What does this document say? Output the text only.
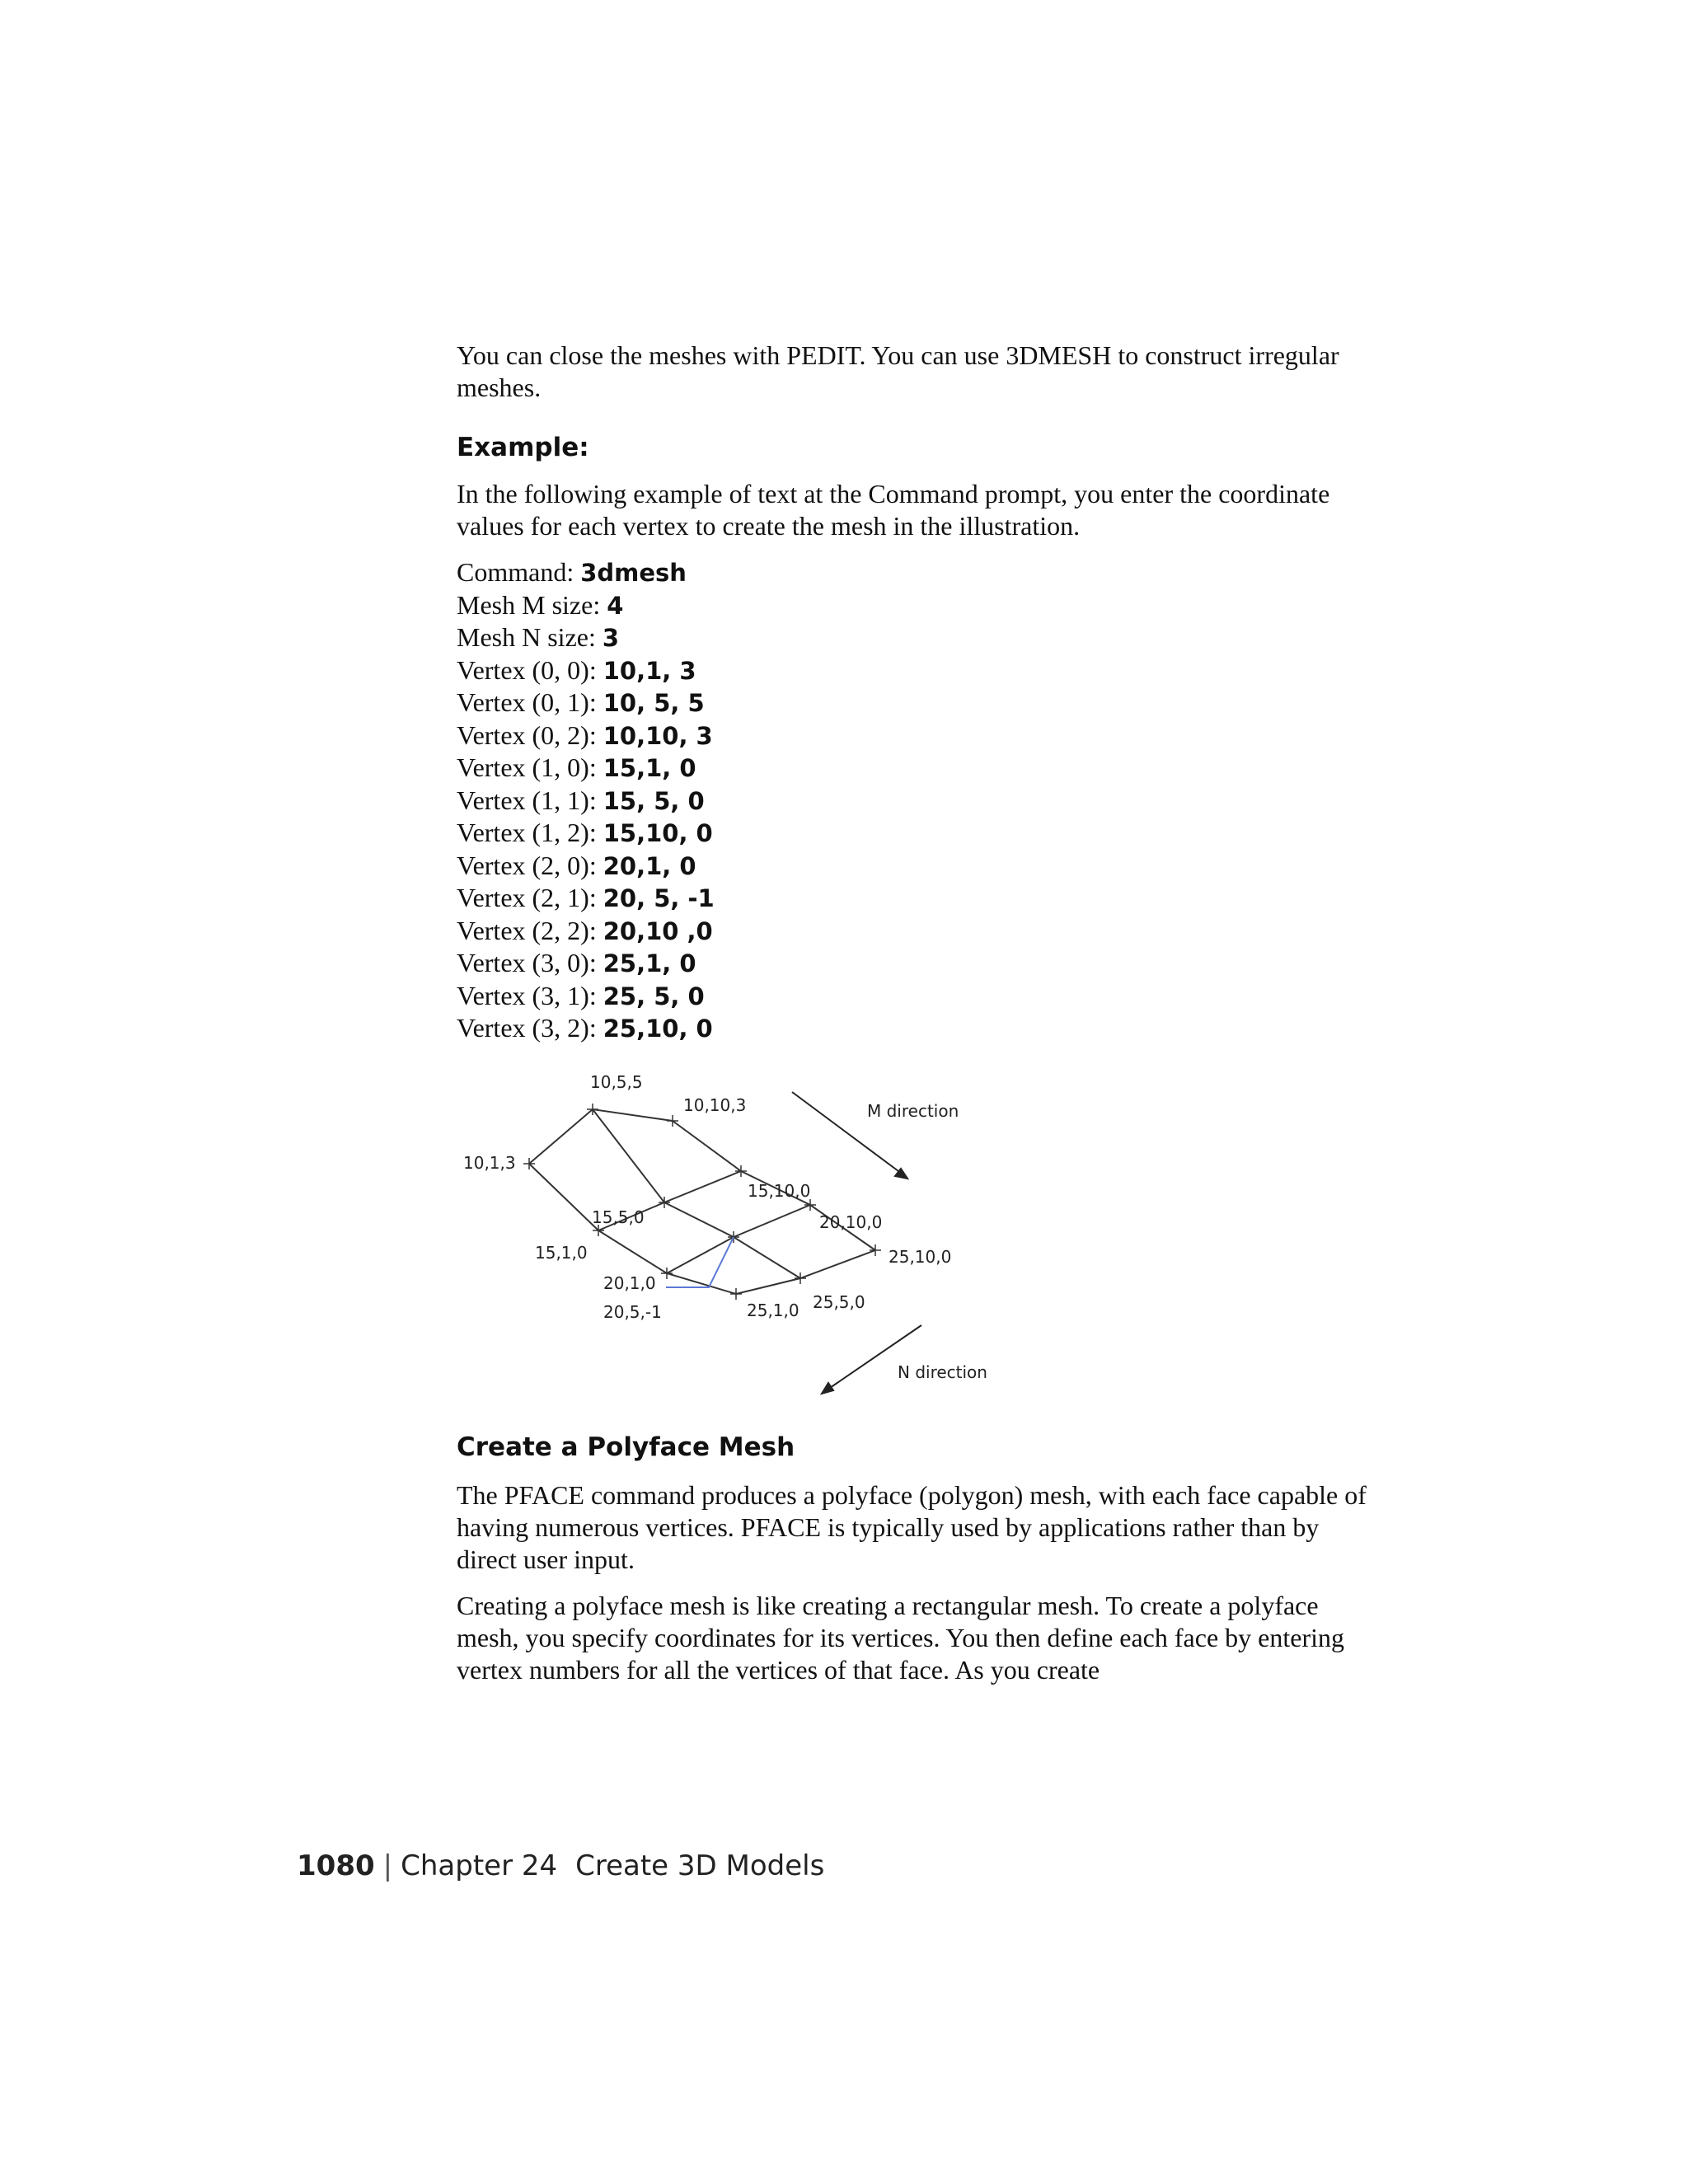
You can close the meshes with PEDIT. You can use 3DMESH to construct irregular meshes.

Example:

In the following example of text at the Command prompt, you enter the coordinate values for each vertex to create the mesh in the illustration.

Command: 3dmesh
Mesh M size: 4
Mesh N size: 3
Vertex (0, 0): 10,1, 3
Vertex (0, 1): 10, 5, 5
Vertex (0, 2): 10,10, 3
Vertex (1, 0): 15,1, 0
Vertex (1, 1): 15, 5, 0
Vertex (1, 2): 15,10, 0
Vertex (2, 0): 20,1, 0
Vertex (2, 1): 20, 5, -1
Vertex (2, 2): 20,10 ,0
Vertex (3, 0): 25,1, 0
Vertex (3, 1): 25, 5, 0
Vertex (3, 2): 25,10, 0
10,5,5
10,10,3
10,1,3
15,10,0
15,5,0	20,10,0
15,1,0	25,10,0
20,1,0
25,5,0
20,5,-1	25,1,0
M direction
N direction
Create a Polyface Mesh

The PFACE command produces a polyface (polygon) mesh, with each face capable of having numerous vertices. PFACE is typically used by applications rather than by direct user input.

Creating a polyface mesh is like creating a rectangular mesh. To create a polyface mesh, you specify coordinates for its vertices. You then define each face by entering vertex numbers for all the vertices of that face. As you create

1080 | Chapter 24 Create 3D Models
